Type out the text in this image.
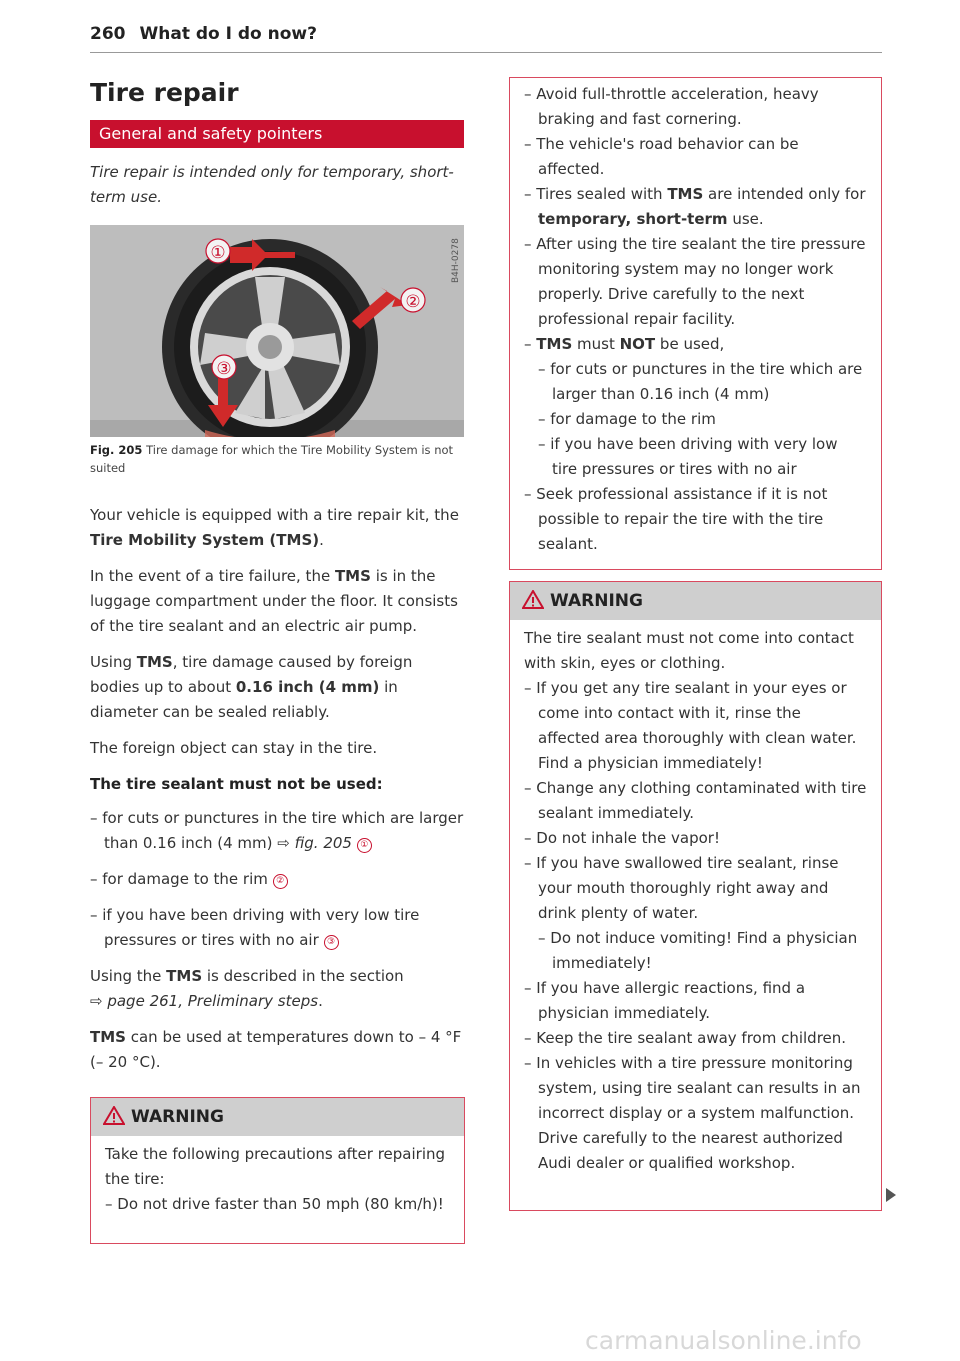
260 What do I do now?
Tire repair
General and safety pointers
Tire repair is intended only for temporary, short-term use.
①
②
③
B4H-0278
Fig. 205 Tire damage for which the Tire Mobility System is not suited

Your vehicle is equipped with a tire repair kit, the Tire Mobility System (TMS).

In the event of a tire failure, the TMS is in the luggage compartment under the floor. It consists of the tire sealant and an electric air pump.

Using TMS, tire damage caused by foreign bodies up to about 0.16 inch (4 mm) in diameter can be sealed reliably.

The foreign object can stay in the tire.

The tire sealant must not be used:

– for cuts or punctures in the tire which are larger than 0.16 inch (4 mm) ⇨ fig. 205 ①

– for damage to the rim ②

– if you have been driving with very low tire pressures or tires with no air ③

Using the TMS is described in the section
⇨ page 261, Preliminary steps.

TMS can be used at temperatures down to – 4 °F (– 20 °C).

WARNING

Take the following precautions after repairing the tire:

– Do not drive faster than 50 mph (80 km/h)!

– Avoid full-throttle acceleration, heavy braking and fast cornering.

– The vehicle's road behavior can be affected.

– Tires sealed with TMS are intended only for temporary, short-term use.

– After using the tire sealant the tire pressure monitoring system may no longer work properly. Drive carefully to the next professional repair facility.

– TMS must NOT be used,

– for cuts or punctures in the tire which are larger than 0.16 inch (4 mm)

– for damage to the rim

– if you have been driving with very low tire pressures or tires with no air

– Seek professional assistance if it is not possible to repair the tire with the tire sealant.

WARNING

The tire sealant must not come into contact with skin, eyes or clothing.

– If you get any tire sealant in your eyes or come into contact with it, rinse the affected area thoroughly with clean water. Find a physician immediately!

– Change any clothing contaminated with tire sealant immediately.

– Do not inhale the vapor!

– If you have swallowed tire sealant, rinse your mouth thoroughly right away and drink plenty of water.

– Do not induce vomiting! Find a physician immediately!

– If you have allergic reactions, find a physician immediately.

– Keep the tire sealant away from children.

– In vehicles with a tire pressure monitoring system, using tire sealant can results in an incorrect display or a system malfunction. Drive carefully to the nearest authorized Audi dealer or qualified workshop.

carmanualsonline.info
